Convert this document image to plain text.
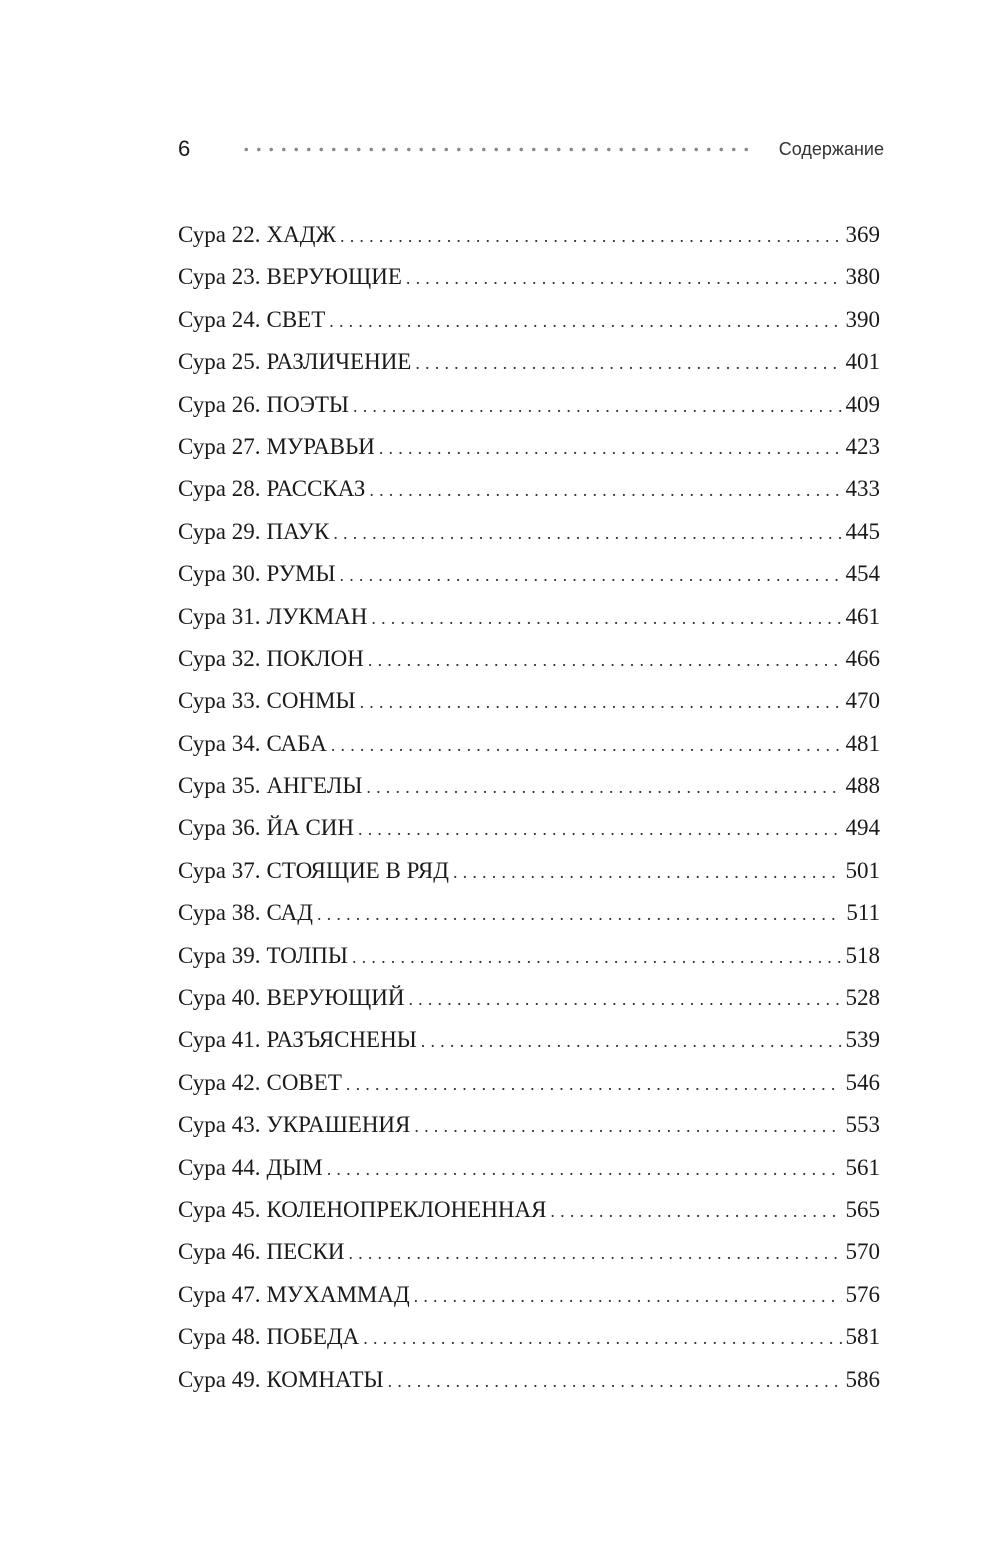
6	Содержание
Сура 22. ХАДЖ .....	369
Сура 23. ВЕРУЮЩИЕ .....	380
Сура 24. СВЕТ .....	390
Сура 25. РАЗЛИЧЕНИЕ .....	401
Сура 26. ПОЭТЫ .....	409
Сура 27. МУРАВЬИ .....	423
Сура 28. РАССКАЗ .....	433
Сура 29. ПАУК .....	445
Сура 30. РУМЫ .....	454
Сура 31. ЛУКМАН .....	461
Сура 32. ПОКЛОН .....	466
Сура 33. СОНМЫ .....	470
Сура 34. САБА .....	481
Сура 35. АНГЕЛЫ .....	488
Сура 36. ЙА СИН .....	494
Сура 37. СТОЯЩИЕ В РЯД .....	501
Сура 38. САД .....	511
Сура 39. ТОЛПЫ .....	518
Сура 40. ВЕРУЮЩИЙ .....	528
Сура 41. РАЗЪЯСНЕНЫ .....	539
Сура 42. СОВЕТ .....	546
Сура 43. УКРАШЕНИЯ .....	553
Сура 44. ДЫМ .....	561
Сура 45. КОЛЕНОПРЕКЛОНЕННАЯ .....	565
Сура 46. ПЕСКИ .....	570
Сура 47. МУХАММАД .....	576
Сура 48. ПОБЕДА .....	581
Сура 49. КОМНАТЫ .....	586
